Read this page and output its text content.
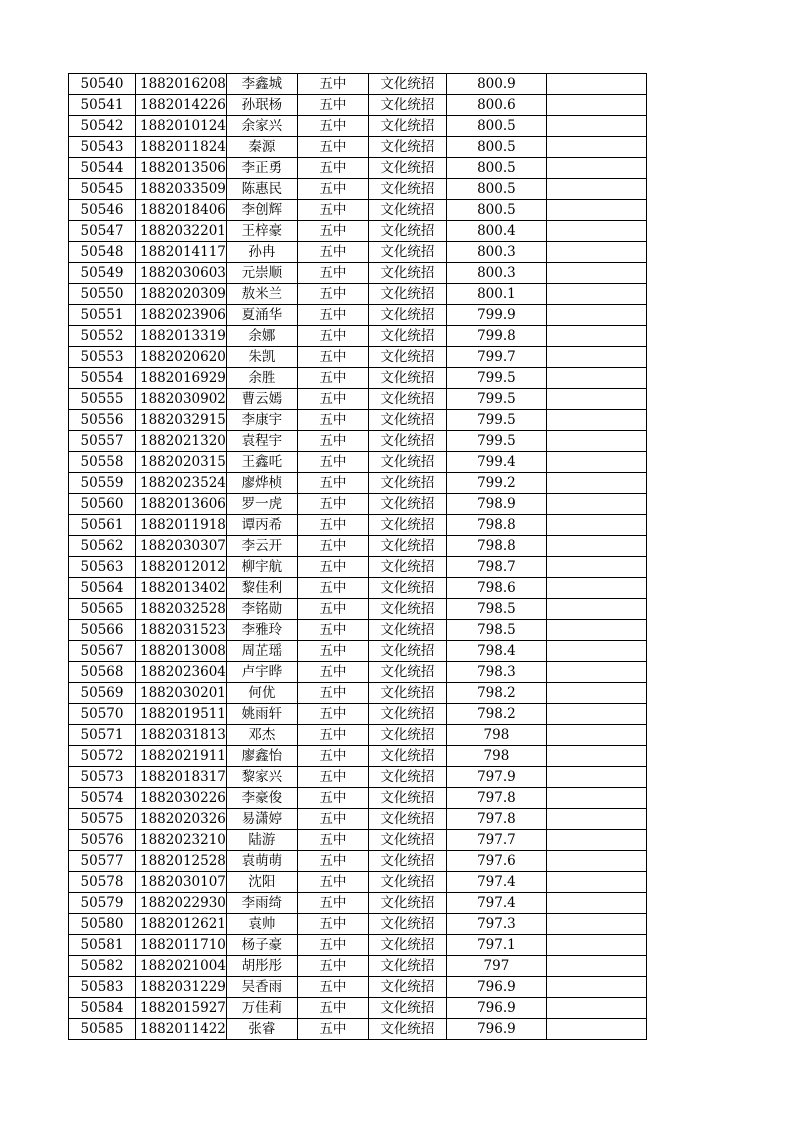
50540	1882016208	李鑫城	五中	文化统招	800.9	
50541	1882014226	孙珉杨	五中	文化统招	800.6	
50542	1882010124	余家兴	五中	文化统招	800.5	
50543	1882011824	秦源	五中	文化统招	800.5	
50544	1882013506	李正勇	五中	文化统招	800.5	
50545	1882033509	陈惠民	五中	文化统招	800.5	
50546	1882018406	李创辉	五中	文化统招	800.5	
50547	1882032201	王梓豪	五中	文化统招	800.4	
50548	1882014117	孙冉	五中	文化统招	800.3	
50549	1882030603	元崇顺	五中	文化统招	800.3	
50550	1882020309	敖米兰	五中	文化统招	800.1	
50551	1882023906	夏涌华	五中	文化统招	799.9	
50552	1882013319	余娜	五中	文化统招	799.8	
50553	1882020620	朱凯	五中	文化统招	799.7	
50554	1882016929	余胜	五中	文化统招	799.5	
50555	1882030902	曹云嫣	五中	文化统招	799.5	
50556	1882032915	李康宇	五中	文化统招	799.5	
50557	1882021320	袁程宇	五中	文化统招	799.5	
50558	1882020315	王鑫吒	五中	文化统招	799.4	
50559	1882023524	廖烨桢	五中	文化统招	799.2	
50560	1882013606	罗一虎	五中	文化统招	798.9	
50561	1882011918	谭丙希	五中	文化统招	798.8	
50562	1882030307	李云开	五中	文化统招	798.8	
50563	1882012012	柳宇航	五中	文化统招	798.7	
50564	1882013402	黎佳利	五中	文化统招	798.6	
50565	1882032528	李铭勋	五中	文化统招	798.5	
50566	1882031523	李雅玲	五中	文化统招	798.5	
50567	1882013008	周芷瑶	五中	文化统招	798.4	
50568	1882023604	卢宇晔	五中	文化统招	798.3	
50569	1882030201	何优	五中	文化统招	798.2	
50570	1882019511	姚雨轩	五中	文化统招	798.2	
50571	1882031813	邓杰	五中	文化统招	798	
50572	1882021911	廖鑫怡	五中	文化统招	798	
50573	1882018317	黎家兴	五中	文化统招	797.9	
50574	1882030226	李豪俊	五中	文化统招	797.8	
50575	1882020326	易潇婷	五中	文化统招	797.8	
50576	1882023210	陆游	五中	文化统招	797.7	
50577	1882012528	袁萌萌	五中	文化统招	797.6	
50578	1882030107	沈阳	五中	文化统招	797.4	
50579	1882022930	李雨绮	五中	文化统招	797.4	
50580	1882012621	袁帅	五中	文化统招	797.3	
50581	1882011710	杨子豪	五中	文化统招	797.1	
50582	1882021004	胡彤彤	五中	文化统招	797	
50583	1882031229	吴香雨	五中	文化统招	796.9	
50584	1882015927	万佳莉	五中	文化统招	796.9	
50585	1882011422	张睿	五中	文化统招	796.9	
